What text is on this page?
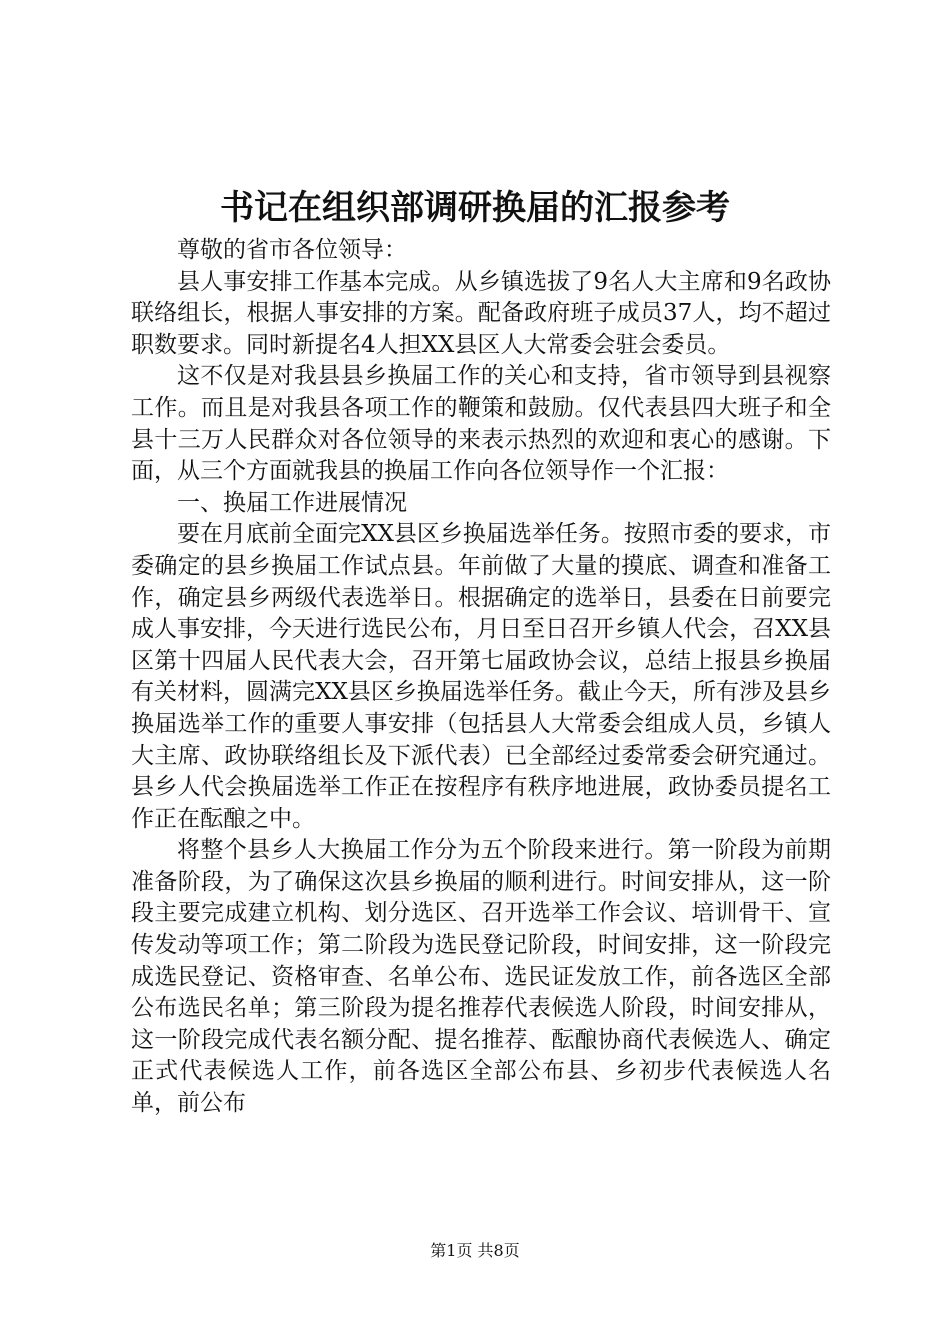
书记在组织部调研换届的汇报参考

尊敬的省市各位领导：

县人事安排工作基本完成。从乡镇选拔了9名人大主席和9名政协联络组长，根据人事安排的方案。配备政府班子成员37人，均不超过职数要求。同时新提名4人担XX县区人大常委会驻会委员。

这不仅是对我县县乡换届工作的关心和支持，省市领导到县视察工作。而且是对我县各项工作的鞭策和鼓励。仅代表县四大班子和全县十三万人民群众对各位领导的来表示热烈的欢迎和衷心的感谢。下面，从三个方面就我县的换届工作向各位领导作一个汇报：

一、换届工作进展情况

要在月底前全面完XX县区乡换届选举任务。按照市委的要求，市委确定的县乡换届工作试点县。年前做了大量的摸底、调查和准备工作，确定县乡两级代表选举日。根据确定的选举日，县委在日前要完成人事安排，今天进行选民公布，月日至日召开乡镇人代会，召XX县区第十四届人民代表大会，召开第七届政协会议，总结上报县乡换届有关材料，圆满完XX县区乡换届选举任务。截止今天，所有涉及县乡换届选举工作的重要人事安排（包括县人大常委会组成人员，乡镇人大主席、政协联络组长及下派代表）已全部经过委常委会研究通过。县乡人代会换届选举工作正在按程序有秩序地进展，政协委员提名工作正在酝酿之中。

将整个县乡人大换届工作分为五个阶段来进行。第一阶段为前期准备阶段，为了确保这次县乡换届的顺利进行。时间安排从，这一阶段主要完成建立机构、划分选区、召开选举工作会议、培训骨干、宣传发动等项工作；第二阶段为选民登记阶段，时间安排，这一阶段完成选民登记、资格审查、名单公布、选民证发放工作，前各选区全部公布选民名单；第三阶段为提名推荐代表候选人阶段，时间安排从，这一阶段完成代表名额分配、提名推荐、酝酿协商代表候选人、确定正式代表候选人工作，前各选区全部公布县、乡初步代表候选人名单，前公布

第1页 共8页
